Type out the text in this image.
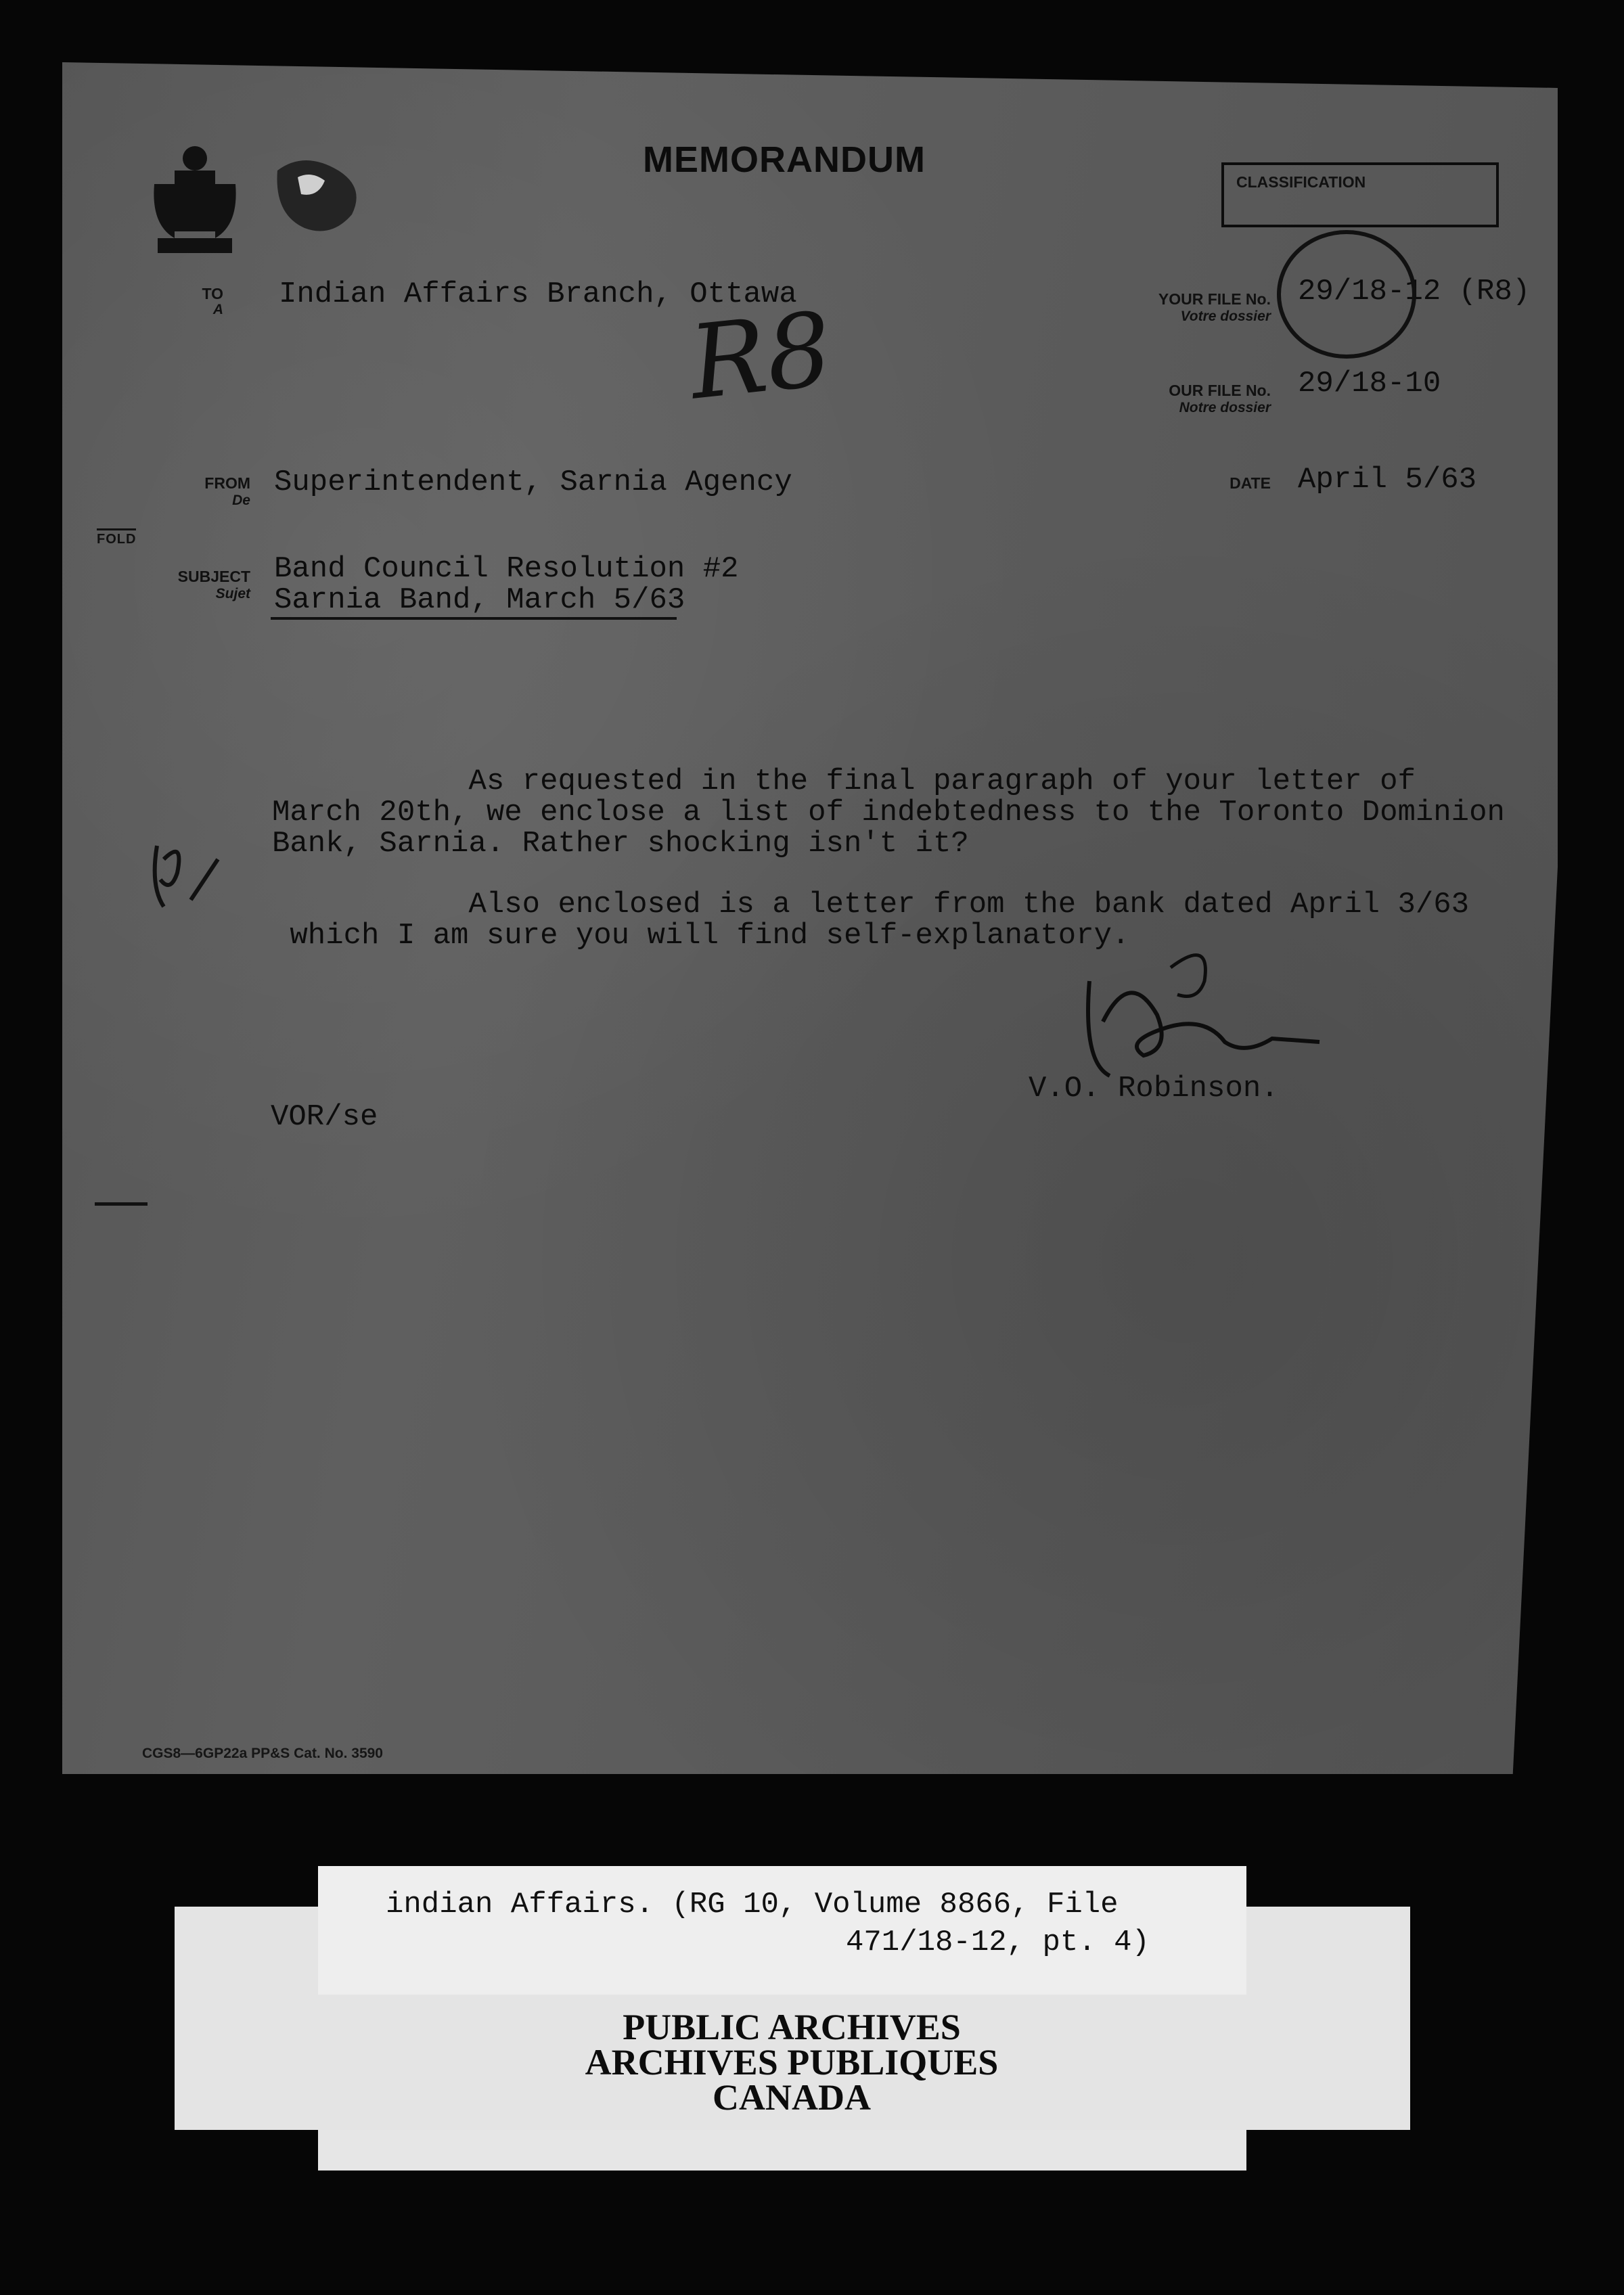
MEMORANDUM
CLASSIFICATION
TO
A Indian Affairs Branch, Ottawa
R8	YOUR FILE No.
Votre dossier
29/18-12 (R8)
OUR FILE No.
Notre dossier
29/18-10
FROM
De
Superintendent, Sarnia Agency	DATE April 5/63
FOLD
SUBJECT
Sujet
Band Council Resolution #2
Sarnia Band, March 5/63
As requested in the final paragraph of your letter of
March 20th, we enclose a list of indebtedness to the Toronto Dominion
Bank, Sarnia. Rather shocking isn't it?
Also enclosed is a letter from the bank dated April 3/63
which I am sure you will find self-explanatory.
V.O. Robinson.
VOR/se
CGS8—6GP22a PP&S Cat. No. 3590
indian Affairs. (RG 10, Volume 8866, File
471/18-12, pt. 4)
PUBLIC ARCHIVES
ARCHIVES PUBLIQUES
CANADA
